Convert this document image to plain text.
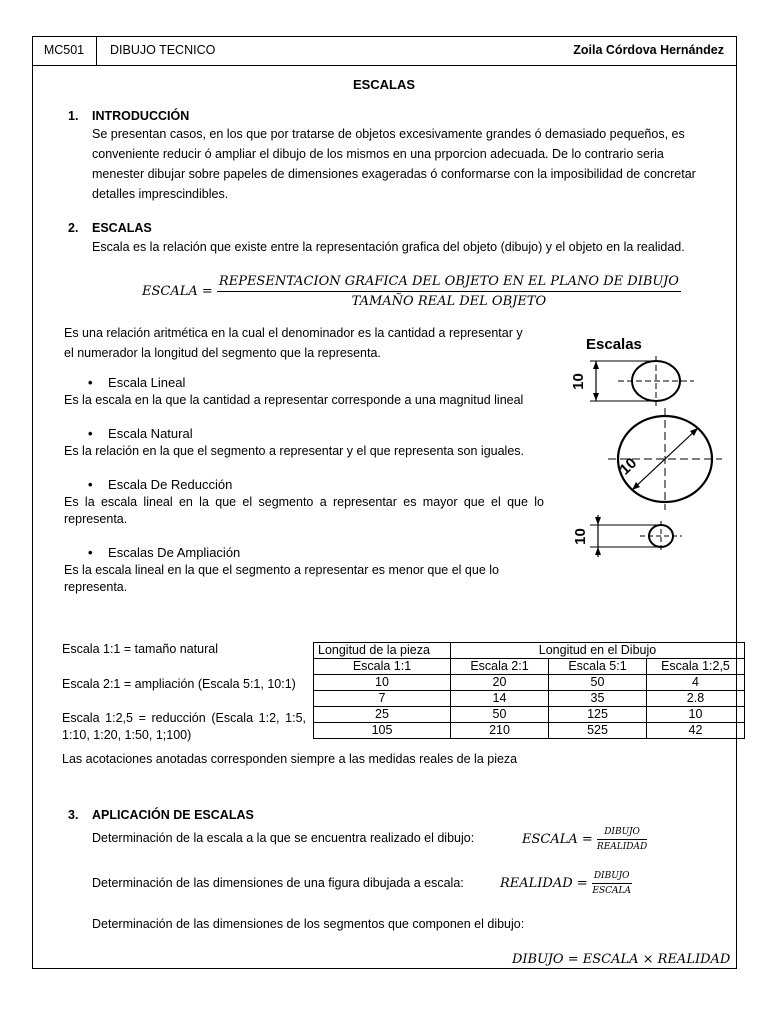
MC501	DIBUJO TECNICO	Zoila Córdova Hernández
ESCALAS
1. INTRODUCCIÓN
Se presentan casos, en los que por tratarse de objetos excesivamente grandes ó demasiado pequeños, es
conveniente reducir ó ampliar el dibujo de los mismos en una prporcion adecuada. De lo contrario seria
menester dibujar sobre papeles de dimensiones exageradas ó conformarse con la imposibilidad de concretar
detalles imprescindibles.
2. ESCALAS
Escala es la relación que existe entre la representación grafica del objeto (dibujo) y el objeto en la realidad.
ESCALA = $\frac{\text{REPESENTACION GRAFICA DEL OBJETO EN EL PLANO DE DIBUJO}}{\text{TAMAÑO REAL DEL OBJETO}}$
Es una relación aritmética en la cual el denominador es la cantidad a representar y
el numerador la longitud del segmento que la representa.
• Escala Lineal
Es la escala en la que la cantidad a representar corresponde a una magnitud lineal
• Escala Natural
Es la relación en la que el segmento a representar y el que representa son iguales.
• Escala De Reducción
Es la escala lineal en la que el segmento a representar es mayor que el que lo
representa.
• Escalas De Ampliación
Es la escala lineal en la que el segmento a representar es menor que el que lo
representa.
Escalas
10
10
10
Escala 1:1 = tamaño natural
Escala 2:1 = ampliación (Escala 5:1, 10:1)
Escala 1:2,5 = reducción (Escala 1:2, 1:5,
1:10, 1:20, 1:50, 1;100)
Longitud de la pieza	Longitud en el Dibujo		
Escala 1:1	Escala 2:1	Escala 5:1	Escala 1:2,5
10	20	50	4
7	14	35	2.8
25	50	125	10
105	210	525	42
Las acotaciones anotadas corresponden siempre a las medidas reales de la pieza
3. APLICACIÓN DE ESCALAS
Determinación de la escala a la que se encuentra realizado el dibujo:	ESCALA = $\frac{\text{DIBUJO}}{\text{REALIDAD}}$
Determinación de las dimensiones de una figura dibujada a escala:	REALIDAD = $\frac{\text{DIBUJO}}{\text{ESCALA}}$
Determinación de las dimensiones de los segmentos que componen el dibujo:
DIBUJO = ESCALA × REALIDAD
